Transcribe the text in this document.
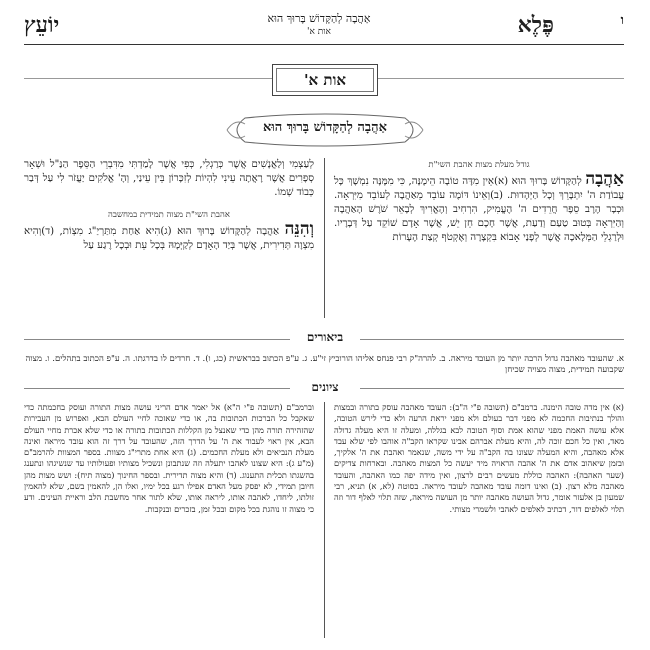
ו
פֶּלֶא
אַהֲבָה לְהַקָּדוֹשׁ בָּרוּךְ הוּא
אות א'
יוֹעֵץ
אות א'
אַהֲבָה לְהַקָּדוֹשׁ בָּרוּךְ הוּא
גודל מעלת מצות אהבת השי"ת

אַהֲבָה לְהַקָּדוֹשׁ בָּרוּךְ הוּא (א)אֵין מִדָּה טוֹבָה הֵימֶנָּה, כִּי מִמֶּנָּה נִמְשָׁךְ כָּל עֲבוֹדַת ה' יִתְבָּרֵךְ וְכָל הַיְּהָדוּת. (ב)וְאֵינוֹ דּוֹמֶה עוֹבֵד מֵאַהֲבָה לְעוֹבֵד מִיִּרְאָה. וּכְבָר הֶרֶב סֵפֶר חֲרֵדִים ה' הֶעֱמִיק, הִרְחִיב וְהֶאֱרִיךְ לְבָאֵר שֹׁרֶשׁ הָאַהֲבָה וְהַיִּרְאָה בְּטוּב טַעַם וְדַעַת, אֲשֶׁר חָכָם חֵן יֵשׁ, אֲשֶׁר אָדָם שׁוֹקֵד עַל דְּבָרָיו. וּלְרַגְלֵי הַמְּלָאכָה אֲשֶׁר לְפָנַי אָבוֹא בִּקְצָרָה וְאֶקְטֹף קְצַת הֶעָרוֹת

לְעַצְמִי וְלַאֲנָשִׁים אֲשֶׁר כְּרַגְלִי, כְּפִי אֲשֶׁר לָמַדְתִּי מִדִּבְרֵי הַסֵּפֶר הַנַּ"ל וּשְׁאָר סְפָרִים אֲשֶׁר רָאֲתָה עֵינִי לִהְיוֹת לְזִכָּרוֹן בֵּין עֵינַי, וְהָ' אֱלֹקִים יַעֲזֹר לִי עַל דְּבַר כְּבוֹד שְׁמוֹ.

אהבת השי"ת מצוה תמידית במחשבה

וְהִנֵּה אַהֲבָה לְהַקָּדוֹשׁ בָּרוּךְ הוּא (ג)הִיא אַחַת מִתַּרְיַ"ג מִצְוֹת, (ד)וְהִיא מִצְוָה תְּדִירִית, אֲשֶׁר בְּיַד הָאָדָם לְקַיְּמָהּ בְּכָל עֵת וּבְכָל רֶגַע עַל

ביאורים
א. שהעובד מאהבה גדול הרבה יותר מן העובד מיראה. ב. להרה"ק רבי פנחס אליהו הורוביץ זי"ע. ג. ע"פ הכתוב בבראשית (כג, ו). ד. חרדים לו בדרגתו. ה. ע"פ הכתוב בתהלים. ו. מצוה שקבועה תמידית, מצוה מצויה שכיחן
ציונים
(א) אין מדה טובה הימנה. ברמב"ם (תשובה פ"י ה"ב): העובד מאהבה עוסק בתורה ובמצות והולך בנתיבות החכמה לא מפני דבר בעולם ולא מפני יראת הרעה ולא כדי לירש הטובה, אלא עושה האמת מפני שהוא אמת וסוף הטובה לבא בגללה, ומעלה זו היא מעלה גדולה מאד, ואין כל חכם זוכה לה, והיא מעלת אברהם אבינו שקראו הקב"ה אוהבו לפי שלא עבד אלא מאהבה, והיא המעלה שצונו בה הקב"ה על ידי משה, שנאמר ואהבת את ה' אלקיך, ובזמן שיאהוב אדם את ה' אהבה הראויה מיד יעשה כל המצות מאהבה. ובארחות צדיקים (שער האהבה): האהבה כוללת מעשים רבים לרצון, ואין מידה יפה כמו האהבה, והעובד מאהבה מלא רצון. (ב) ואינו דומה עובד מאהבה לעובד מיראה. בסוטה (לא, א) תניא, רבי שמעון בן אלעזר אומר, גדול העושה מאהבה יותר מן העושה מיראה, שזה תלוי לאלף דור וזה תלוי לאלפים דור, דכתיב לאלפים לאהבי ולשמרי מצותי.
וברמב"ם (תשובה פ"י ה"א) אל יאמר אדם הריני עושה מצות התורה ועוסק בחכמתה כדי שאקבל כל הברכות הכתובות בה, או כדי שאזכה לחיי העולם הבא, ואפרוש מן העבירות שהזהירה תורה מהן כדי שאנצל מן הקללות הכתובות בתורה או כדי שלא אכרת מחיי העולם הבא, אין ראוי לעבוד את ה' על הדרך הזה, שהעובד על דרך זה הוא עובד מיראה ואינה מעלת הנביאים ולא מעלת החכמים. (ג) היא אחת מתרי"ג מצוות. בספר המצוות להרמב"ם (מ"ע ג): היא שצונו לאהבו יתעלה וזה שנתבונן ונשכיל מצותיו ופעולותיו עד שנשיגהו ונתענג בהשגתו תכלית התענוג. (ד) והיא מצוה תדירית. ובספר החינוך (מצוה תיח): ושש מצות מהן חיובן תמידי, לא יפסק מעל האדם אפילו רגע בכל ימיו, ואלו הן, להאמין בשם, שלא להאמין זולתו, ליחדו, לאהבה אותו, ליראה אותו, שלא לתור אחר מחשבת הלב וראיית העינים. ודע כי מצוה זו נוהגת בכל מקום ובכל זמן, בזכרים ובנקבות.
